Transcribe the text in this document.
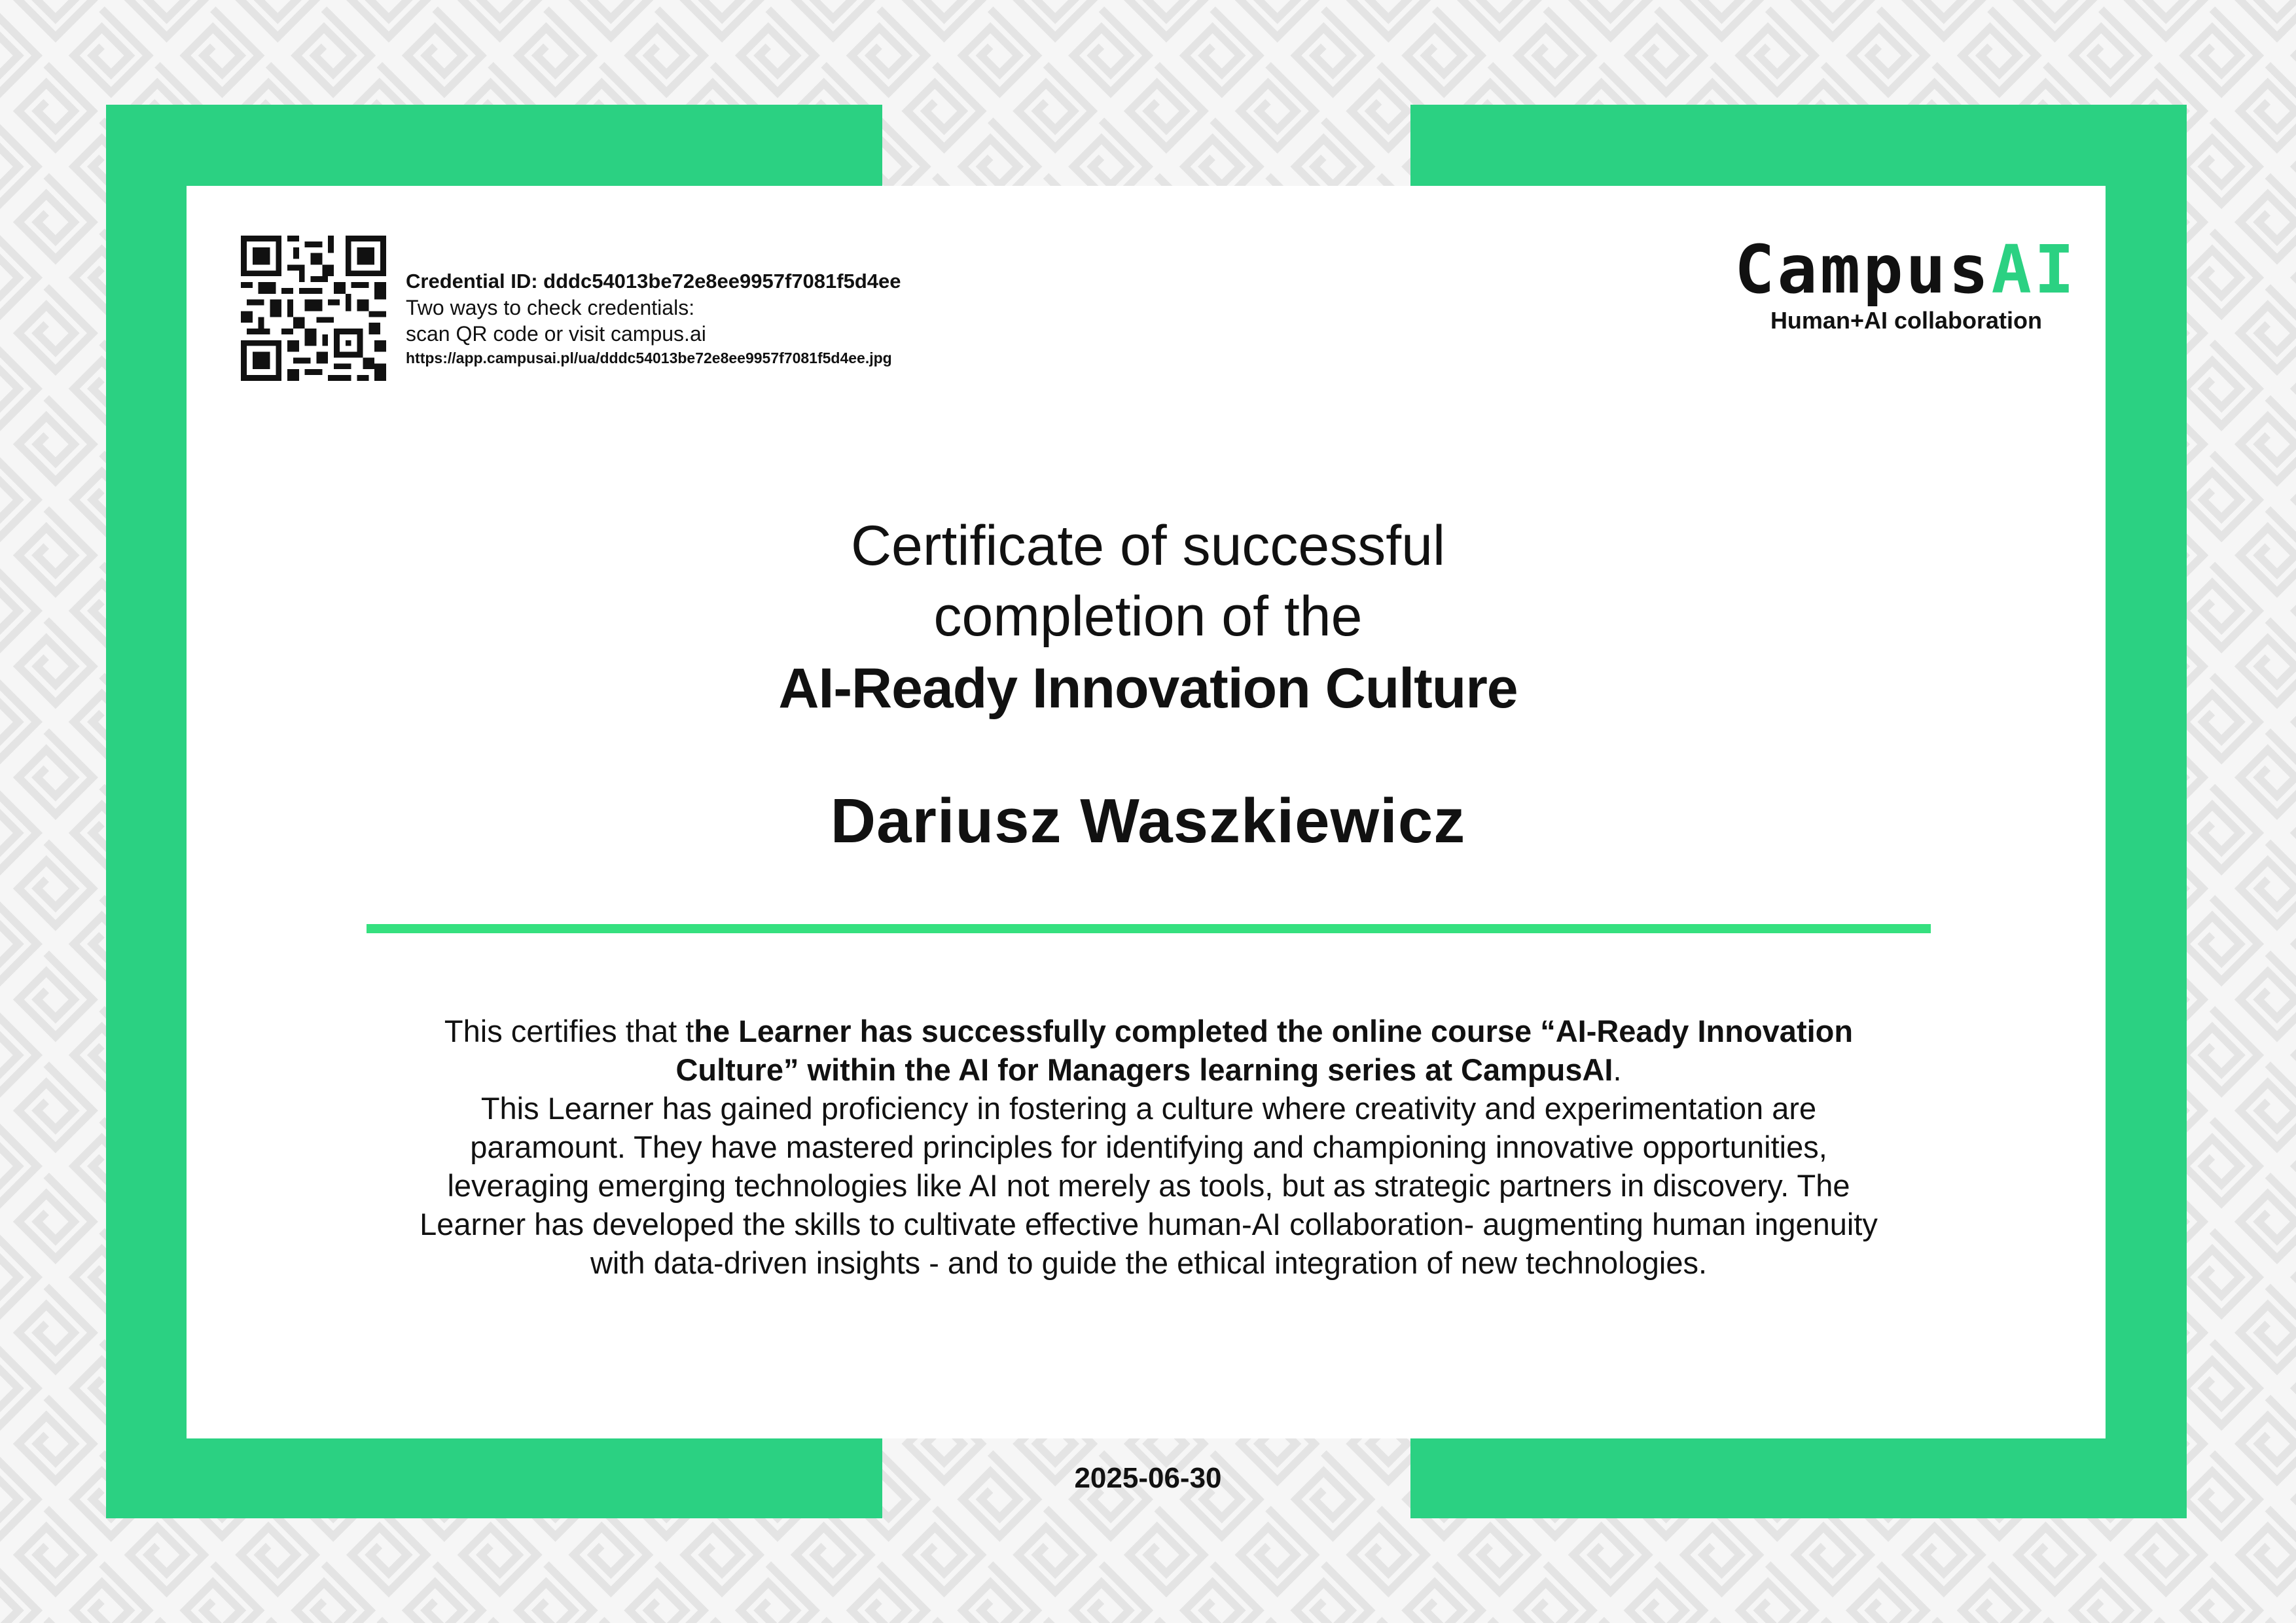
Credential ID: dddc54013be72e8ee9957f7081f5d4ee
Two ways to check credentials:
scan QR code or visit campus.ai
https://app.campusai.pl/ua/dddc54013be72e8ee9957f7081f5d4ee.jpg
CampusAI
Human+AI collaboration
Certificate of successful
completion of the
AI-Ready Innovation Culture
Dariusz Waszkiewicz
This certifies that the Learner has successfully completed the online course “AI-Ready Innovation Culture” within the AI for Managers learning series at CampusAI.
This Learner has gained proficiency in fostering a culture where creativity and experimentation are paramount. They have mastered principles for identifying and championing innovative opportunities, leveraging emerging technologies like AI not merely as tools, but as strategic partners in discovery. The Learner has developed the skills to cultivate effective human-AI collaboration- augmenting human ingenuity with data-driven insights - and to guide the ethical integration of new technologies.
2025-06-30
